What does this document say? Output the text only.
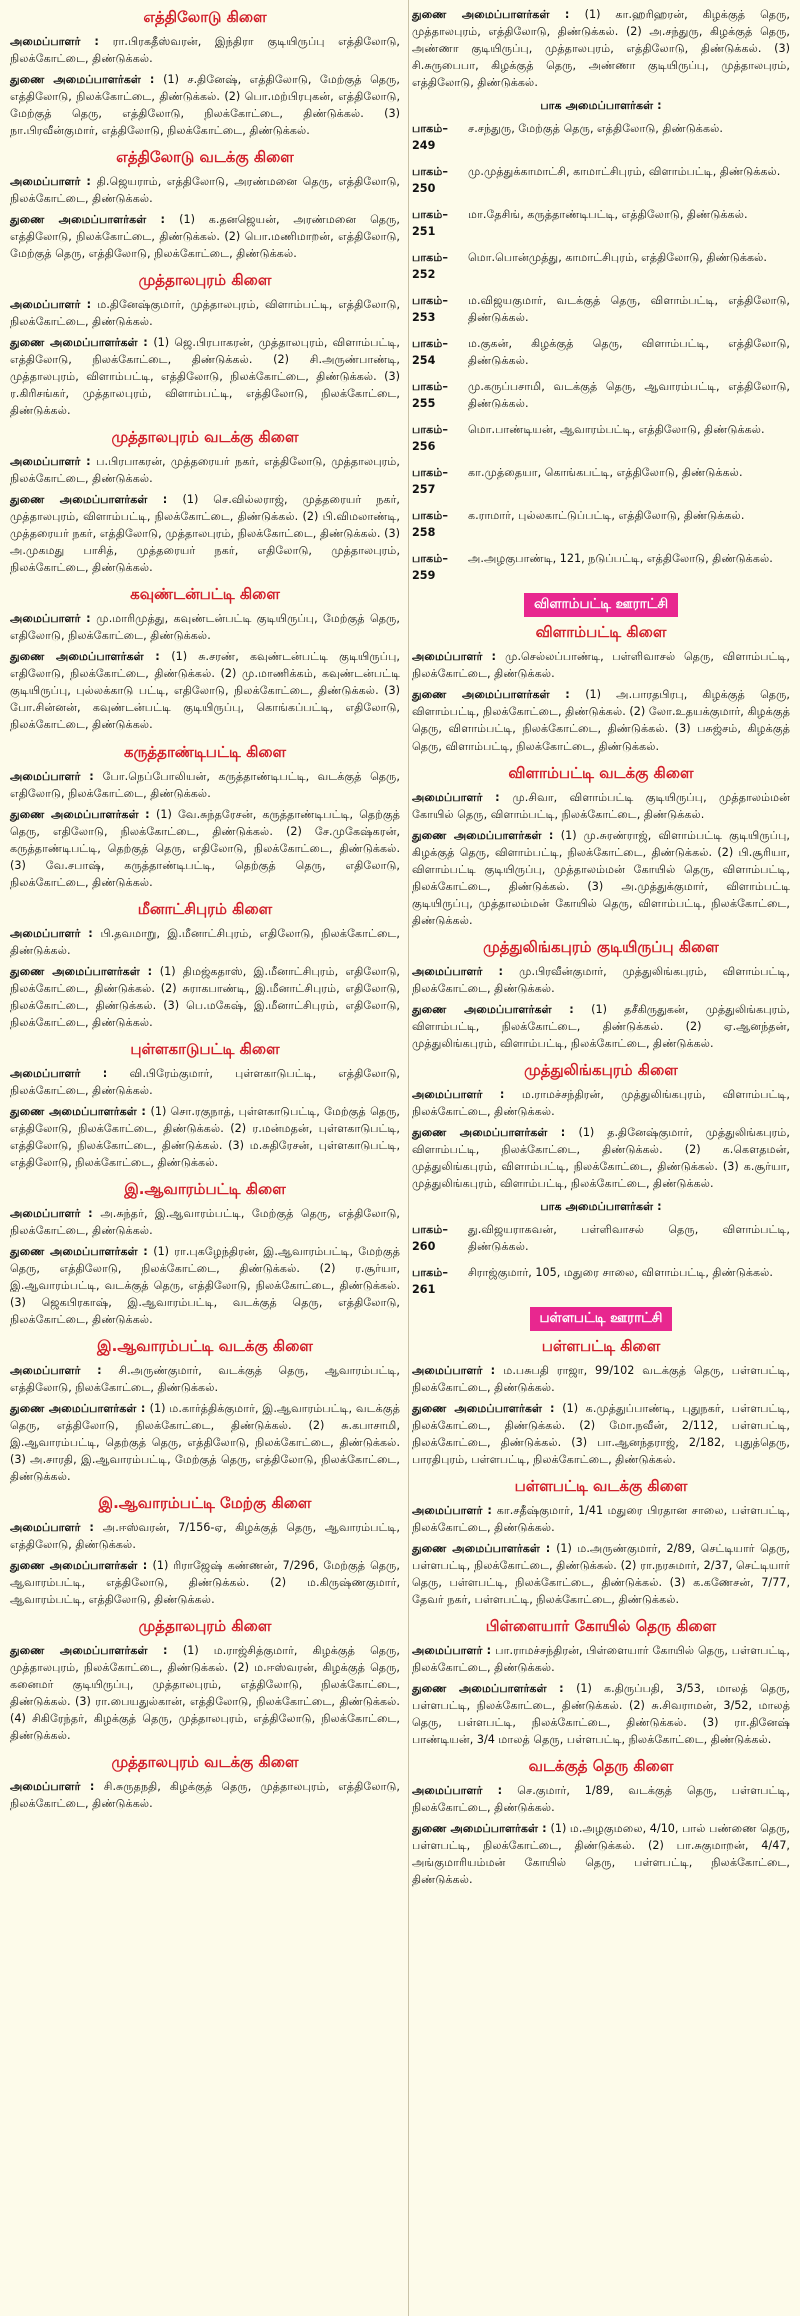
எத்திலோடு கிளை

அமைப்பாளர் : ரா.பிரகதீஸ்வரன், இந்திரா குடியிருப்பு எத்திலோடு, நிலக்கோட்டை, திண்டுக்கல்.

துணை அமைப்பாளர்கள் : (1) ச.தினேஷ், எத்திலோடு, மேற்குத் தெரு, எத்திலோடு, நிலக்கோட்டை, திண்டுக்கல். (2) பொ.மற்பிரபுகன், எத்திலோடு, மேற்குத் தெரு, எத்திலோடு, நிலக்கோட்டை, திண்டுக்கல். (3) நா.பிரவீன்குமார், எத்திலோடு, நிலக்கோட்டை, திண்டுக்கல்.

எத்திலோடு வடக்கு கிளை

அமைப்பாளர் : தி.ஜெயராம், எத்திலோடு, அரண்மனை தெரு, எத்திலோடு, நிலக்கோட்டை, திண்டுக்கல்.

துணை அமைப்பாளர்கள் : (1) க.தனஜெயன், அரண்மனை தெரு, எத்திலோடு, நிலக்கோட்டை, திண்டுக்கல். (2) பொ.மணிமாறன், எத்திலோடு, மேற்குத் தெரு, எத்திலோடு, நிலக்கோட்டை, திண்டுக்கல்.

முத்தாலபுரம் கிளை

அமைப்பாளர் : ம.தினேஷ்குமார், முத்தாலபுரம், விளாம்பட்டி, எத்திலோடு, நிலக்கோட்டை, திண்டுக்கல்.

துணை அமைப்பாளர்கள் : (1) ஜெ.பிரபாகரன், முத்தாலபுரம், விளாம்பட்டி, எத்திலோடு, நிலக்கோட்டை, திண்டுக்கல். (2) சி.அருண்பாண்டி, முத்தாலபுரம், விளாம்பட்டி, எத்திலோடு, நிலக்கோட்டை, திண்டுக்கல். (3) ர.கிரிசங்கர், முத்தாலபுரம், விளாம்பட்டி, எத்திலோடு, நிலக்கோட்டை, திண்டுக்கல்.

முத்தாலபுரம் வடக்கு கிளை

அமைப்பாளர் : ப.பிரபாகரன், முத்தரையர் நகர், எத்திலோடு, முத்தாலபுரம், நிலக்கோட்டை, திண்டுக்கல்.

துணை அமைப்பாளர்கள் : (1) செ.வில்லராஜ், முத்தரையர் நகர், முத்தாலபுரம், விளாம்பட்டி, நிலக்கோட்டை, திண்டுக்கல். (2) பி.விமலாண்டி, முத்தரையர் நகர், எத்திலோடு, முத்தாலபுரம், நிலக்கோட்டை, திண்டுக்கல். (3) அ.முகமது பாசித், முத்தரையர் நகர், எதிலோடு, முத்தாலபுரம், நிலக்கோட்டை, திண்டுக்கல்.

கவுண்டன்பட்டி கிளை

அமைப்பாளர் : மு.மாரிமுத்து, கவுண்டன்பட்டி குடியிருப்பு, மேற்குத் தெரு, எதிலோடு, நிலக்கோட்டை, திண்டுக்கல்.

துணை அமைப்பாளர்கள் : (1) சு.சரண், கவுண்டன்பட்டி குடியிருப்பு, எதிலோடு, நிலக்கோட்டை, திண்டுக்கல். (2) மு.மாணிக்கம், கவுண்டன்பட்டி குடியிருப்பு, புல்லக்காடு பட்டி, எதிலோடு, நிலக்கோட்டை, திண்டுக்கல். (3) போ.சின்னன், கவுண்டன்பட்டி குடியிருப்பு, கொங்கப்பட்டி, எதிலோடு, நிலக்கோட்டை, திண்டுக்கல்.

கருத்தாண்டிபட்டி கிளை

அமைப்பாளர் : போ.நெப்போலியன், கருத்தாண்டிபட்டி, வடக்குத் தெரு, எதிலோடு, நிலக்கோட்டை, திண்டுக்கல்.

துணை அமைப்பாளர்கள் : (1) வே.சுந்தரேசன், கருத்தாண்டிபட்டி, தெற்குத் தெரு, எதிலோடு, நிலக்கோட்டை, திண்டுக்கல். (2) சே.முகேஷ்கரன், கருத்தாண்டிபட்டி, தெற்குத் தெரு, எதிலோடு, நிலக்கோட்டை, திண்டுக்கல். (3) வே.சபாஷ், கருத்தாண்டிபட்டி, தெற்குத் தெரு, எதிலோடு, நிலக்கோட்டை, திண்டுக்கல்.

மீனாட்சிபுரம் கிளை

அமைப்பாளர் : பி.தவமாறு, இ.மீனாட்சிபுரம், எதிலோடு, நிலக்கோட்டை, திண்டுக்கல்.

துணை அமைப்பாளர்கள் : (1) திமஜ்கதாஸ், இ.மீனாட்சிபுரம், எதிலோடு, நிலக்கோட்டை, திண்டுக்கல். (2) சுராகபாண்டி, இ.மீனாட்சிபுரம், எதிலோடு, நிலக்கோட்டை, திண்டுக்கல். (3) பெ.மகேஷ், இ.மீனாட்சிபுரம், எதிலோடு, நிலக்கோட்டை, திண்டுக்கல்.

புள்ளகாடுபட்டி கிளை

அமைப்பாளர் : வி.பிரேம்குமார், புள்ளகாடுபட்டி, எத்திலோடு, நிலக்கோட்டை, திண்டுக்கல்.

துணை அமைப்பாளர்கள் : (1) சொ.ரகுநாத், புள்ளகாடுபட்டி, மேற்குத் தெரு, எத்திலோடு, நிலக்கோட்டை, திண்டுக்கல். (2) ர.மன்மதன், புள்ளகாடுபட்டி, எத்திலோடு, நிலக்கோட்டை, திண்டுக்கல். (3) ம.சுதிரேசன், புள்ளகாடுபட்டி, எத்திலோடு, நிலக்கோட்டை, திண்டுக்கல்.

இ.ஆவாரம்பட்டி கிளை

அமைப்பாளர் : அ.சுந்தர், இ.ஆவாரம்பட்டி, மேற்குத் தெரு, எத்திலோடு, நிலக்கோட்டை, திண்டுக்கல்.

துணை அமைப்பாளர்கள் : (1) ரா.புகழேந்திரன், இ.ஆவாரம்பட்டி, மேற்குத் தெரு, எத்திலோடு, நிலக்கோட்டை, திண்டுக்கல். (2) ர.சூர்யா, இ.ஆவாரம்பட்டி, வடக்குத் தெரு, எத்திலோடு, நிலக்கோட்டை, திண்டுக்கல். (3) ஜெகபிரகாஷ், இ.ஆவாரம்பட்டி, வடக்குத் தெரு, எத்திலோடு, நிலக்கோட்டை, திண்டுக்கல்.

இ.ஆவாரம்பட்டி வடக்கு கிளை

அமைப்பாளர் : சி.அருண்குமார், வடக்குத் தெரு, ஆவாரம்பட்டி, எத்திலோடு, நிலக்கோட்டை, திண்டுக்கல்.

துணை அமைப்பாளர்கள் : (1) ம.கார்த்திக்குமார், இ.ஆவாரம்பட்டி, வடக்குத் தெரு, எத்திலோடு, நிலக்கோட்டை, திண்டுக்கல். (2) சு.கபாசாமி, இ.ஆவாரம்பட்டி, தெற்குத் தெரு, எத்திலோடு, நிலக்கோட்டை, திண்டுக்கல். (3) அ.சாரதி, இ.ஆவாரம்பட்டி, மேற்குத் தெரு, எத்திலோடு, நிலக்கோட்டை, திண்டுக்கல்.

இ.ஆவாரம்பட்டி மேற்கு கிளை

அமைப்பாளர் : அ.ஈஸ்வரன், 7/156-ஏ, கிழக்குத் தெரு, ஆவாரம்பட்டி, எத்திலோடு, திண்டுக்கல்.

துணை அமைப்பாளர்கள் : (1) ரிராஜேஷ் கண்ணன், 7/296, மேற்குத் தெரு, ஆவாரம்பட்டி, எத்திலோடு, திண்டுக்கல். (2) ம.கிருஷ்ணகுமார், ஆவாரம்பட்டி, எத்திலோடு, திண்டுக்கல்.

முத்தாலபுரம் கிளை

துணை அமைப்பாளர்கள் : (1) ம.ராஜ்சித்குமார், கிழக்குத் தெரு, முத்தாலபுரம், நிலக்கோட்டை, திண்டுக்கல். (2) ம.ஈஸ்வரன், கிழக்குத் தெரு, கனைமர் குடியிருப்பு, முத்தாலபுரம், எத்திலோடு, நிலக்கோட்டை, திண்டுக்கல். (3) ரா.பையதுல்கான், எத்திலோடு, நிலக்கோட்டை, திண்டுக்கல். (4) சிகிரேந்தர், கிழக்குத் தெரு, முத்தாலபுரம், எத்திலோடு, நிலக்கோட்டை, திண்டுக்கல்.

முத்தாலபுரம் வடக்கு கிளை

அமைப்பாளர் : சி.சுருதநதி, கிழக்குத் தெரு, முத்தாலபுரம், எத்திலோடு, நிலக்கோட்டை, திண்டுக்கல்.

துணை அமைப்பாளர்கள் : (1) கா.ஹரிஹரன், கிழக்குத் தெரு, முத்தாலபுரம், எத்திலோடு, திண்டுக்கல். (2) அ.சந்துரு, கிழக்குத் தெரு, அண்ணா குடியிருப்பு, முத்தாலபுரம், எத்திலோடு, திண்டுக்கல். (3) சி.சுருபைபா, கிழக்குத் தெரு, அண்ணா குடியிருப்பு, முத்தாலபுரம், எத்திலோடு, திண்டுக்கல்.

பாக அமைப்பாளர்கள் :
பாகம்– 249
ச.சந்துரு, மேற்குத் தெரு, எத்திலோடு, திண்டுக்கல்.
பாகம்– 250
மு.முத்துக்காமாட்சி, காமாட்சிபுரம், விளாம்பட்டி, திண்டுக்கல்.
பாகம்– 251
மா.தேசிங், கருத்தாண்டிபட்டி, எத்திலோடு, திண்டுக்கல்.
பாகம்– 252
மொ.பொன்முத்து, காமாட்சிபுரம், எத்திலோடு, திண்டுக்கல்.
பாகம்– 253
ம.விஜயகுமார், வடக்குத் தெரு, விளாம்பட்டி, எத்திலோடு, திண்டுக்கல்.
பாகம்– 254
ம.குகன், கிழக்குத் தெரு, விளாம்பட்டி, எத்திலோடு, திண்டுக்கல்.
பாகம்– 255
மு.கருப்பசாமி, வடக்குத் தெரு, ஆவாரம்பட்டி, எத்திலோடு, திண்டுக்கல்.
பாகம்– 256
மொ.பாண்டியன், ஆவாரம்பட்டி, எத்திலோடு, திண்டுக்கல்.
பாகம்– 257
கா.முத்தையா, கொங்கபட்டி, எத்திலோடு, திண்டுக்கல்.
பாகம்– 258
க.ராமார், புல்லகாட்டுப்பட்டி, எத்திலோடு, திண்டுக்கல்.
பாகம்– 259
அ.அழகுபாண்டி, 121, நடுப்பட்டி, எத்திலோடு, திண்டுக்கல்.
விளாம்பட்டி ஊராட்சி
விளாம்பட்டி கிளை

அமைப்பாளர் : மு.செல்லப்பாண்டி, பள்ளிவாசல் தெரு, விளாம்பட்டி, நிலக்கோட்டை, திண்டுக்கல்.

துணை அமைப்பாளர்கள் : (1) அ.பாரதபிரபு, கிழக்குத் தெரு, விளாம்பட்டி, நிலக்கோட்டை, திண்டுக்கல். (2) லோ.உதயக்குமார், கிழக்குத் தெரு, விளாம்பட்டி, நிலக்கோட்டை, திண்டுக்கல். (3) பசுஜ்சம், கிழக்குத் தெரு, விளாம்பட்டி, நிலக்கோட்டை, திண்டுக்கல்.

விளாம்பட்டி வடக்கு கிளை

அமைப்பாளர் : மு.சிவா, விளாம்பட்டி குடியிருப்பு, முத்தாலம்மன் கோயில் தெரு, விளாம்பட்டி, நிலக்கோட்டை, திண்டுக்கல்.

துணை அமைப்பாளர்கள் : (1) மு.சுரண்ராஜ், விளாம்பட்டி குடியிருப்பு, கிழக்குத் தெரு, விளாம்பட்டி, நிலக்கோட்டை, திண்டுக்கல். (2) பி.சூரியா, விளாம்பட்டி குடியிருப்பு, முத்தாலம்மன் கோயில் தெரு, விளாம்பட்டி, நிலக்கோட்டை, திண்டுக்கல். (3) அ.முத்துக்குமார், விளாம்பட்டி குடியிருப்பு, முத்தாலம்மன் கோயில் தெரு, விளாம்பட்டி, நிலக்கோட்டை, திண்டுக்கல்.

முத்துலிங்கபுரம் குடியிருப்பு கிளை

அமைப்பாளர் : மு.பிரவீன்குமார், முத்துலிங்கபுரம், விளாம்பட்டி, நிலக்கோட்டை, திண்டுக்கல்.

துணை அமைப்பாளர்கள் : (1) தசீகிருதுகன், முத்துலிங்கபுரம், விளாம்பட்டி, நிலக்கோட்டை, திண்டுக்கல். (2) ஏ.ஆனந்தன், முத்துலிங்கபுரம், விளாம்பட்டி, நிலக்கோட்டை, திண்டுக்கல்.

முத்துலிங்கபுரம் கிளை

அமைப்பாளர் : ம.ராமச்சந்திரன், முத்துலிங்கபுரம், விளாம்பட்டி, நிலக்கோட்டை, திண்டுக்கல்.

துணை அமைப்பாளர்கள் : (1) த.தினேஷ்குமார், முத்துலிங்கபுரம், விளாம்பட்டி, நிலக்கோட்டை, திண்டுக்கல். (2) க.கௌதமன், முத்துலிங்கபுரம், விளாம்பட்டி, நிலக்கோட்டை, திண்டுக்கல். (3) க.சூர்யா, முத்துலிங்கபுரம், விளாம்பட்டி, நிலக்கோட்டை, திண்டுக்கல்.

பாக அமைப்பாளர்கள் :
பாகம்– 260
து.விஜயராகவன், பள்ளிவாசல் தெரு, விளாம்பட்டி, திண்டுக்கல்.
பாகம்– 261
சிராஜ்குமார், 105, மதுரை சாலை, விளாம்பட்டி, திண்டுக்கல்.
பள்ளபட்டி ஊராட்சி
பள்ளபட்டி கிளை

அமைப்பாளர் : ம.பசுபதி ராஜா, 99/102 வடக்குத் தெரு, பள்ளபட்டி, நிலக்கோட்டை, திண்டுக்கல்.

துணை அமைப்பாளர்கள் : (1) க.முத்துப்பாண்டி, புதுநகர், பள்ளபட்டி, நிலக்கோட்டை, திண்டுக்கல். (2) மோ.நவீன், 2/112, பள்ளபட்டி, நிலக்கோட்டை, திண்டுக்கல். (3) பா.ஆனந்தராஜ், 2/182, புதுத்தெரு, பாரதிபுரம், பள்ளபட்டி, நிலக்கோட்டை, திண்டுக்கல்.

பள்ளபட்டி வடக்கு கிளை

அமைப்பாளர் : கா.சதீஷ்குமார், 1/41 மதுரை பிரதான சாலை, பள்ளபட்டி, நிலக்கோட்டை, திண்டுக்கல்.

துணை அமைப்பாளர்கள் : (1) ம.அருண்குமார், 2/89, செட்டியார் தெரு, பள்ளபட்டி, நிலக்கோட்டை, திண்டுக்கல். (2) ரா.நரசுமார், 2/37, செட்டியார் தெரு, பள்ளபட்டி, நிலக்கோட்டை, திண்டுக்கல். (3) க.கணேசன், 7/77, தேவர் நகர், பள்ளபட்டி, நிலக்கோட்டை, திண்டுக்கல்.

பிள்ளையார் கோயில் தெரு கிளை

அமைப்பாளர் : பா.ராமச்சந்திரன், பிள்ளையார் கோயில் தெரு, பள்ளபட்டி, நிலக்கோட்டை, திண்டுக்கல்.

துணை அமைப்பாளர்கள் : (1) க.திருப்பதி, 3/53, மாலத் தெரு, பள்ளபட்டி, நிலக்கோட்டை, திண்டுக்கல். (2) சு.சிவராமன், 3/52, மாலத் தெரு, பள்ளபட்டி, நிலக்கோட்டை, திண்டுக்கல். (3) ரா.தினேஷ் பாண்டியன், 3/4 மாலத் தெரு, பள்ளபட்டி, நிலக்கோட்டை, திண்டுக்கல்.

வடக்குத் தெரு கிளை

அமைப்பாளர் : செ.குமார், 1/89, வடக்குத் தெரு, பள்ளபட்டி, நிலக்கோட்டை, திண்டுக்கல்.

துணை அமைப்பாளர்கள் : (1) ம.அழகுமலை, 4/10, பால் பண்ணை தெரு, பள்ளபட்டி, நிலக்கோட்டை, திண்டுக்கல். (2) பா.சுகுமாறன், 4/47, அங்குமாரியம்மன் கோயில் தெரு, பள்ளபட்டி, நிலக்கோட்டை, திண்டுக்கல்.
